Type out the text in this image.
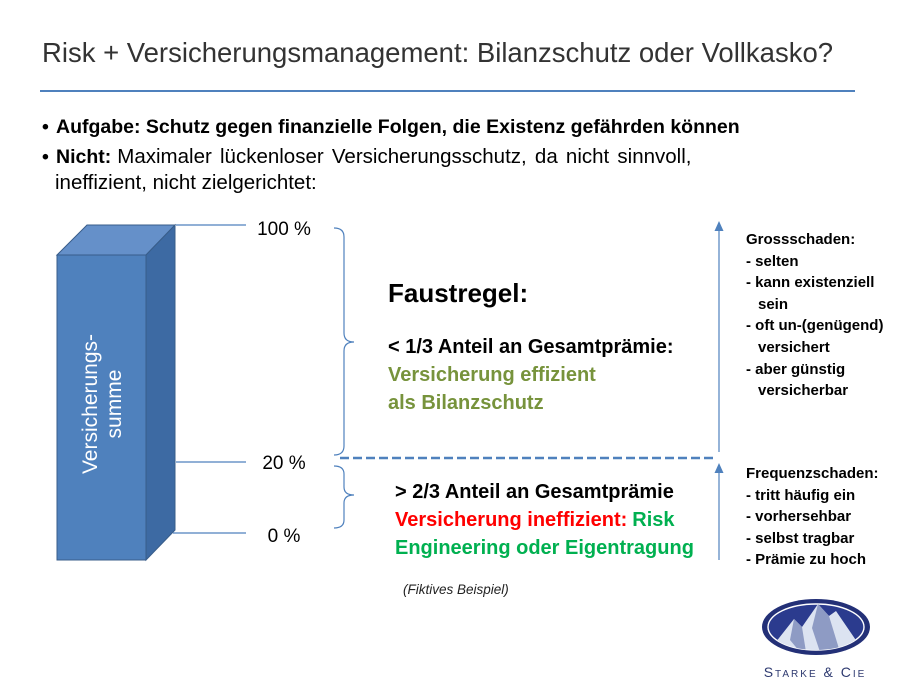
Risk + Versicherungsmanagement: Bilanzschutz oder Vollkasko?
• Aufgabe: Schutz gegen finanzielle Folgen, die Existenz gefährden können
• Nicht: Maximaler lückenloser Versicherungsschutz, da nicht sinnvoll,
ineffizient, nicht zielgerichtet:
Versicherungs- summe
100 %
20 %
0 %
Faustregel:
< 1/3 Anteil an Gesamtprämie:
Versicherung effizient
als Bilanzschutz
> 2/3 Anteil an Gesamtprämie
Versicherung ineffizient: Risk
Engineering oder Eigentragung
(Fiktives Beispiel)
Grossschaden:
- selten
- kann existenziell
sein
- oft un-(genügend)
versichert
- aber günstig
versicherbar
Frequenzschaden:
- tritt häufig ein
- vorhersehbar
- selbst tragbar
- Prämie zu hoch
Starke & Cie
